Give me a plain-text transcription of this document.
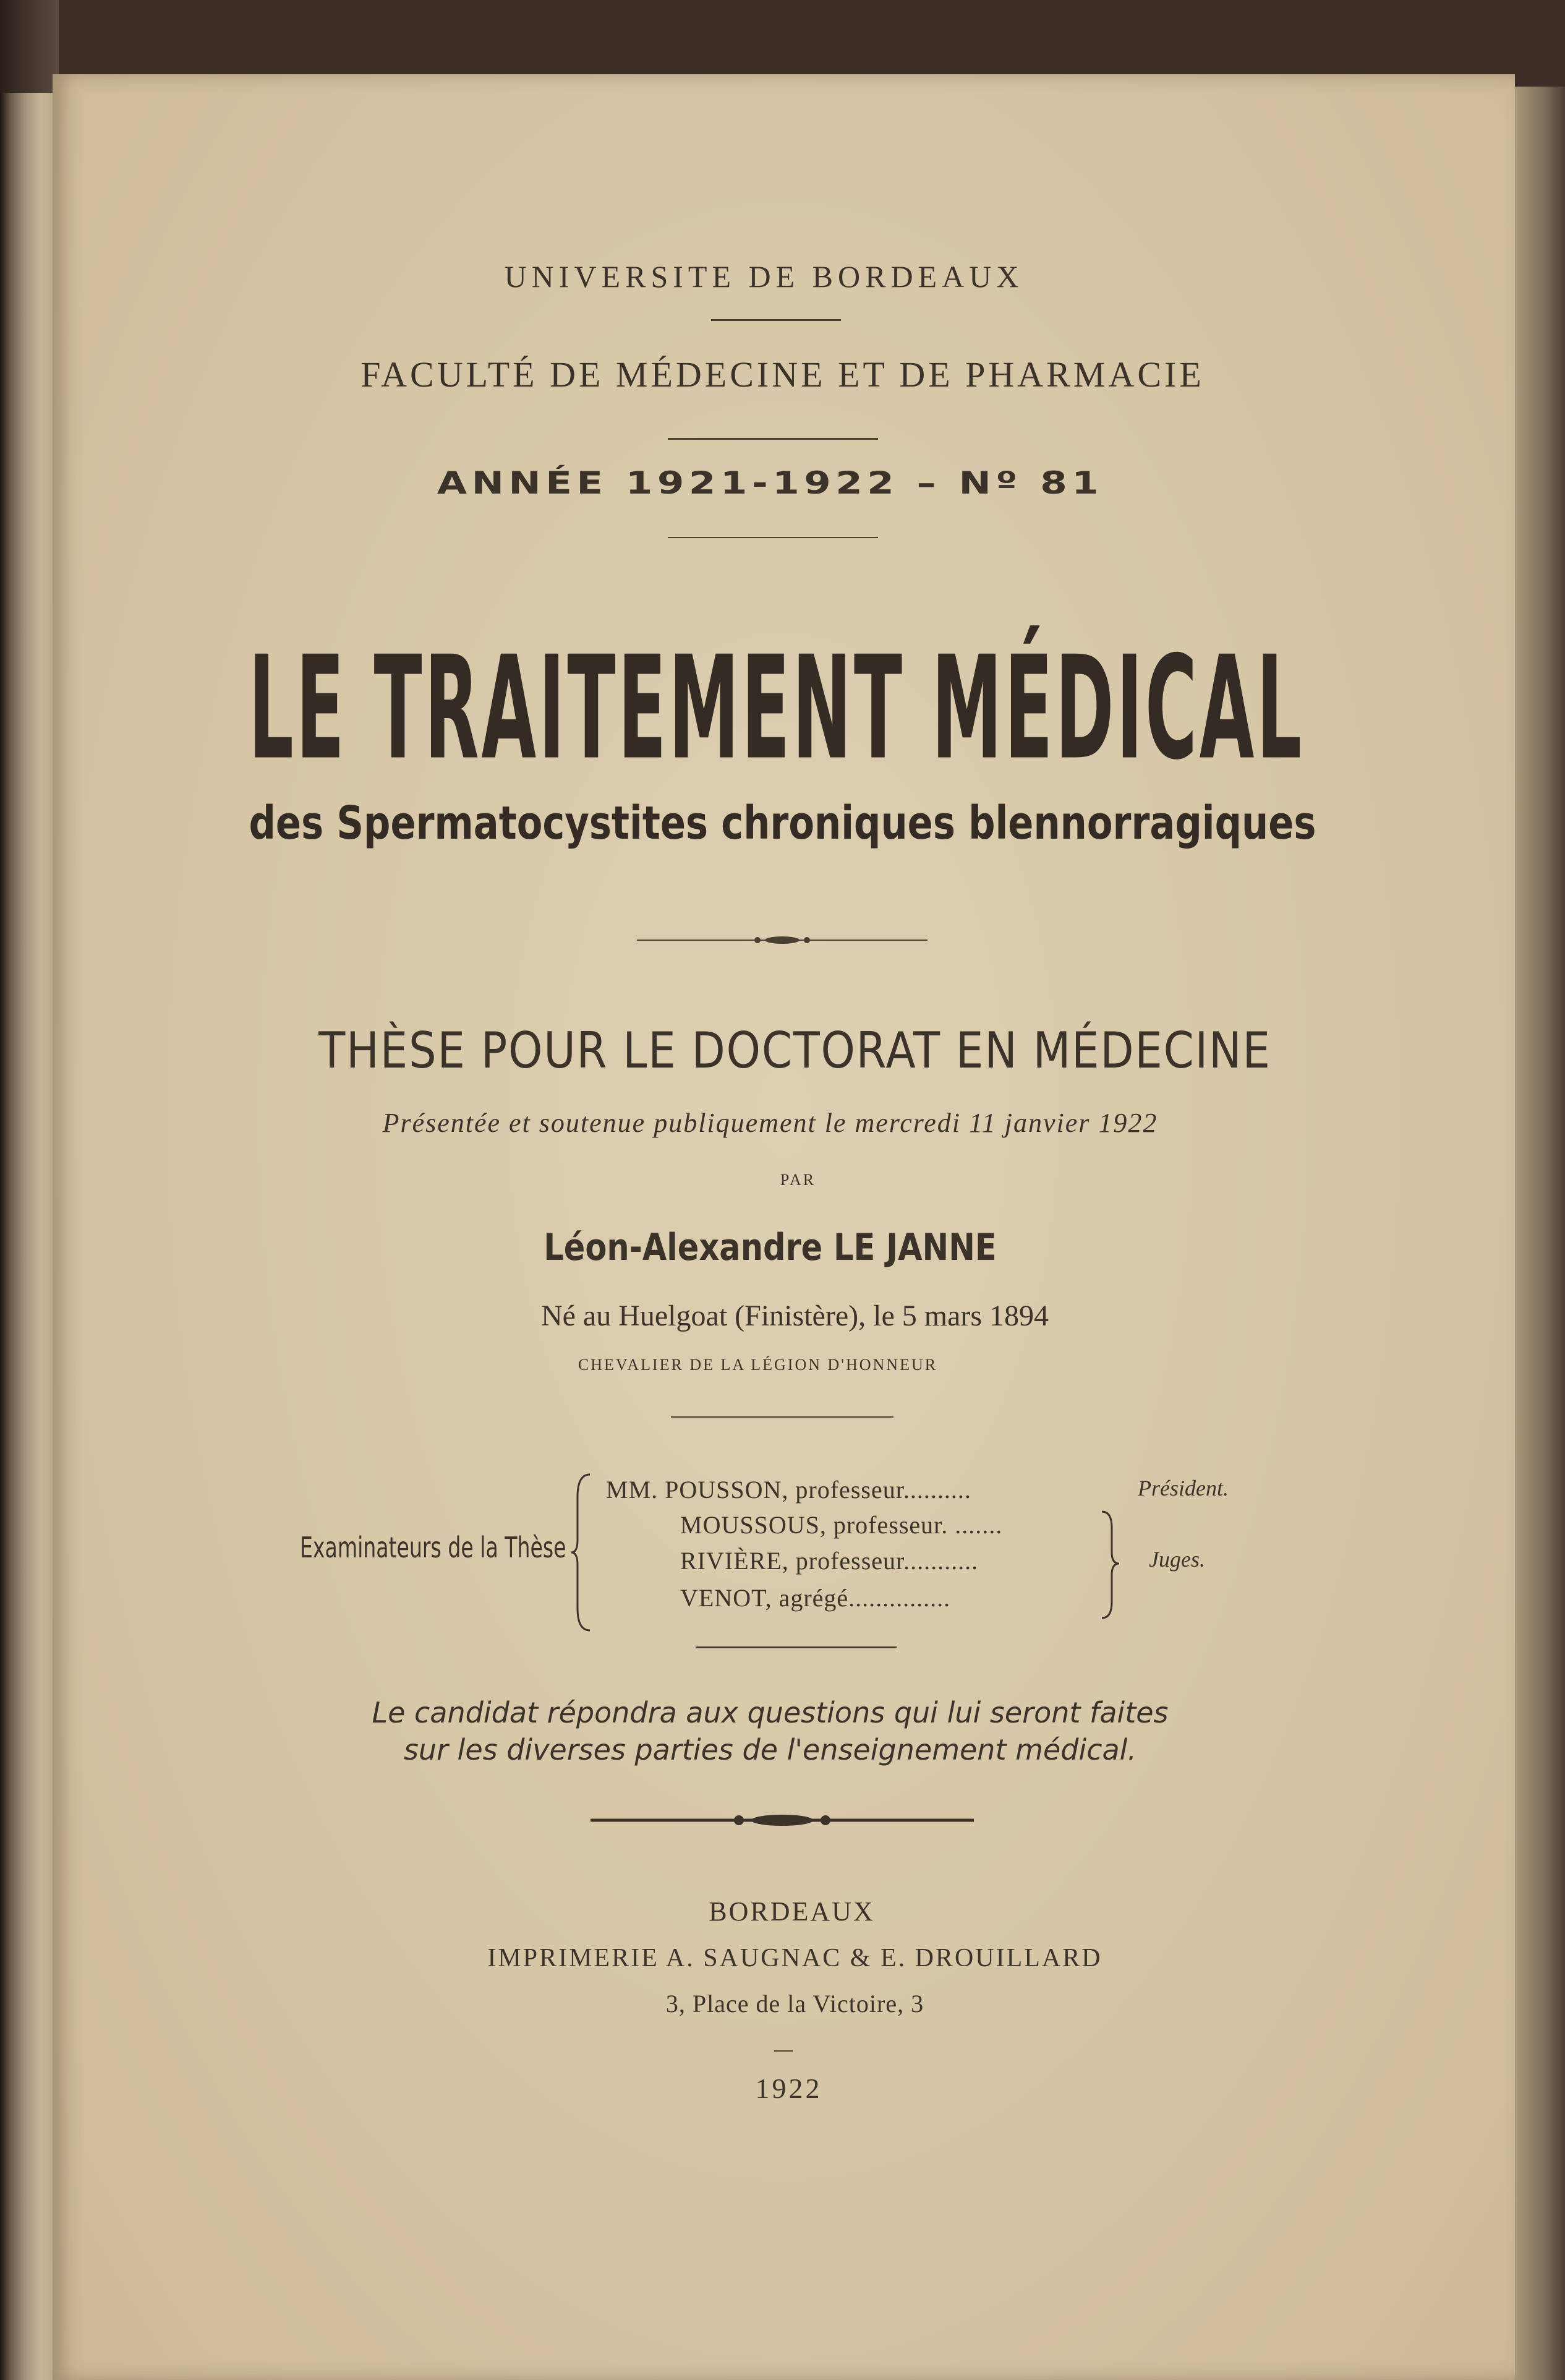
UNIVERSITE DE BORDEAUX
FACULTÉ DE MÉDECINE ET DE PHARMACIE
ANNÉE 1921-1922 – Nº 81
LE TRAITEMENT MÉDICAL
des Spermatocystites chroniques blennorragiques
THÈSE POUR LE DOCTORAT EN MÉDECINE
Présentée et soutenue publiquement le mercredi 11 janvier 1922
PAR
Léon-Alexandre LE JANNE
Né au Huelgoat (Finistère), le 5 mars 1894
CHEVALIER DE LA LÉGION D'HONNEUR
Examinateurs de la Thèse
MM. POUSSON, professeur..........
MOUSSOUS, professeur. .......
RIVIÈRE, professeur...........
VENOT, agrégé...............
Président.
Juges.
Le candidat répondra aux questions qui lui seront faites
sur les diverses parties de l'enseignement médical.
BORDEAUX
IMPRIMERIE A. SAUGNAC & E. DROUILLARD
3, Place de la Victoire, 3
1922
